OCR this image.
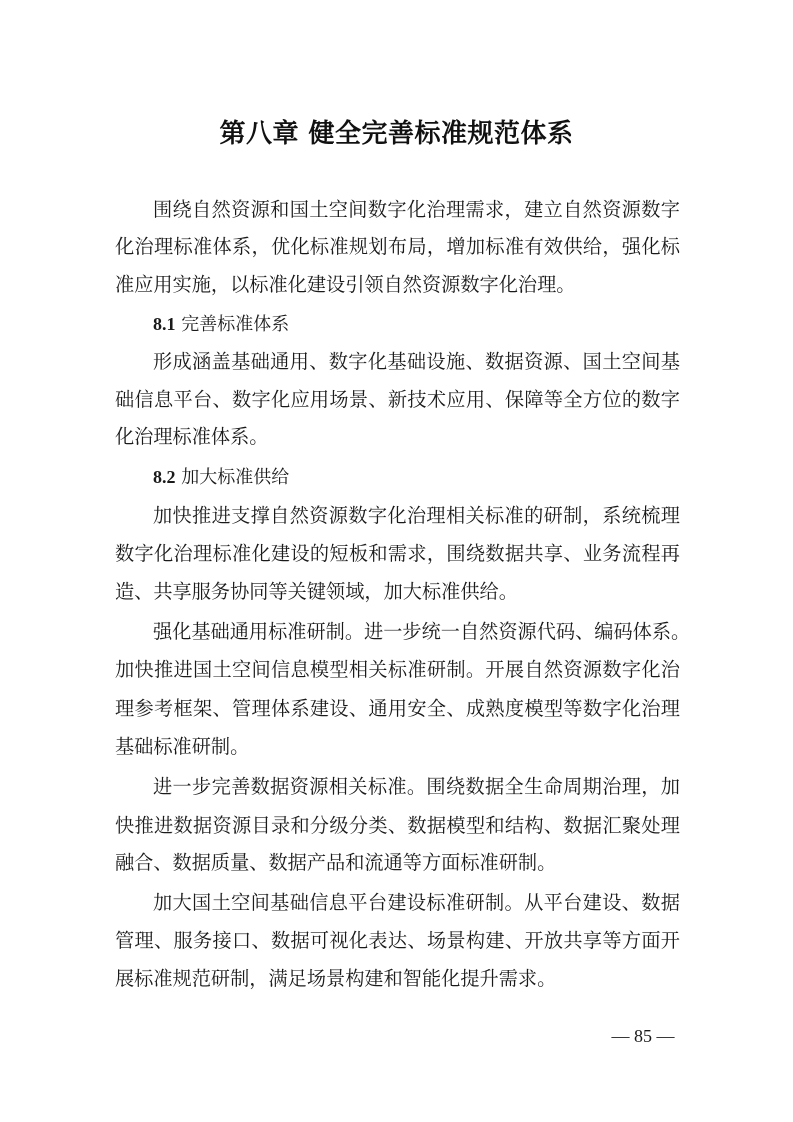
第八章 健全完善标准规范体系
围绕自然资源和国土空间数字化治理需求，建立自然资源数字
化治理标准体系，优化标准规划布局，增加标准有效供给，强化标
准应用实施，以标准化建设引领自然资源数字化治理。
8.1 完善标准体系
形成涵盖基础通用、数字化基础设施、数据资源、国土空间基
础信息平台、数字化应用场景、新技术应用、保障等全方位的数字
化治理标准体系。
8.2 加大标准供给
加快推进支撑自然资源数字化治理相关标准的研制，系统梳理
数字化治理标准化建设的短板和需求，围绕数据共享、业务流程再
造、共享服务协同等关键领域，加大标准供给。
强化基础通用标准研制。进一步统一自然资源代码、编码体系。
加快推进国土空间信息模型相关标准研制。开展自然资源数字化治
理参考框架、管理体系建设、通用安全、成熟度模型等数字化治理
基础标准研制。
进一步完善数据资源相关标准。围绕数据全生命周期治理，加
快推进数据资源目录和分级分类、数据模型和结构、数据汇聚处理
融合、数据质量、数据产品和流通等方面标准研制。
加大国土空间基础信息平台建设标准研制。从平台建设、数据
管理、服务接口、数据可视化表达、场景构建、开放共享等方面开
展标准规范研制，满足场景构建和智能化提升需求。
— 85 —
